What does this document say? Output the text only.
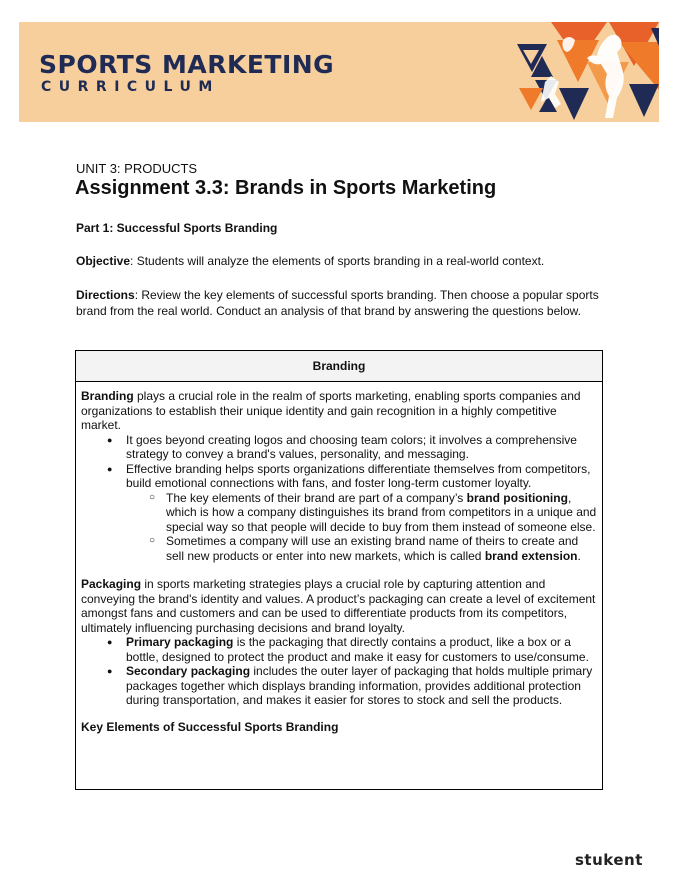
SPORTS MARKETING
CURRICULUM
UNIT 3: PRODUCTS
Assignment 3.3: Brands in Sports Marketing
Part 1: Successful Sports Branding
Objective: Students will analyze the elements of sports branding in a real-world context.
Directions: Review the key elements of successful sports branding. Then choose a popular sports brand from the real world. Conduct an analysis of that brand by answering the questions below.
Branding

Branding plays a crucial role in the realm of sports marketing, enabling sports companies and organizations to establish their unique identity and gain recognition in a highly competitive market.

● It goes beyond creating logos and choosing team colors; it involves a comprehensive strategy to convey a brand's values, personality, and messaging.
● Effective branding helps sports organizations differentiate themselves from competitors, build emotional connections with fans, and foster long-term customer loyalty.
○ The key elements of their brand are part of a company’s brand positioning, which is how a company distinguishes its brand from competitors in a unique and special way so that people will decide to buy from them instead of someone else.
○ Sometimes a company will use an existing brand name of theirs to create and sell new products or enter into new markets, which is called brand extension.

Packaging in sports marketing strategies plays a crucial role by capturing attention and conveying the brand's identity and values. A product’s packaging can create a level of excitement amongst fans and customers and can be used to differentiate products from its competitors, ultimately influencing purchasing decisions and brand loyalty.

● Primary packaging is the packaging that directly contains a product, like a box or a bottle, designed to protect the product and make it easy for customers to use/consume.
● Secondary packaging includes the outer layer of packaging that holds multiple primary packages together which displays branding information, provides additional protection during transportation, and makes it easier for stores to stock and sell the products.

Key Elements of Successful Sports Branding

stukent
